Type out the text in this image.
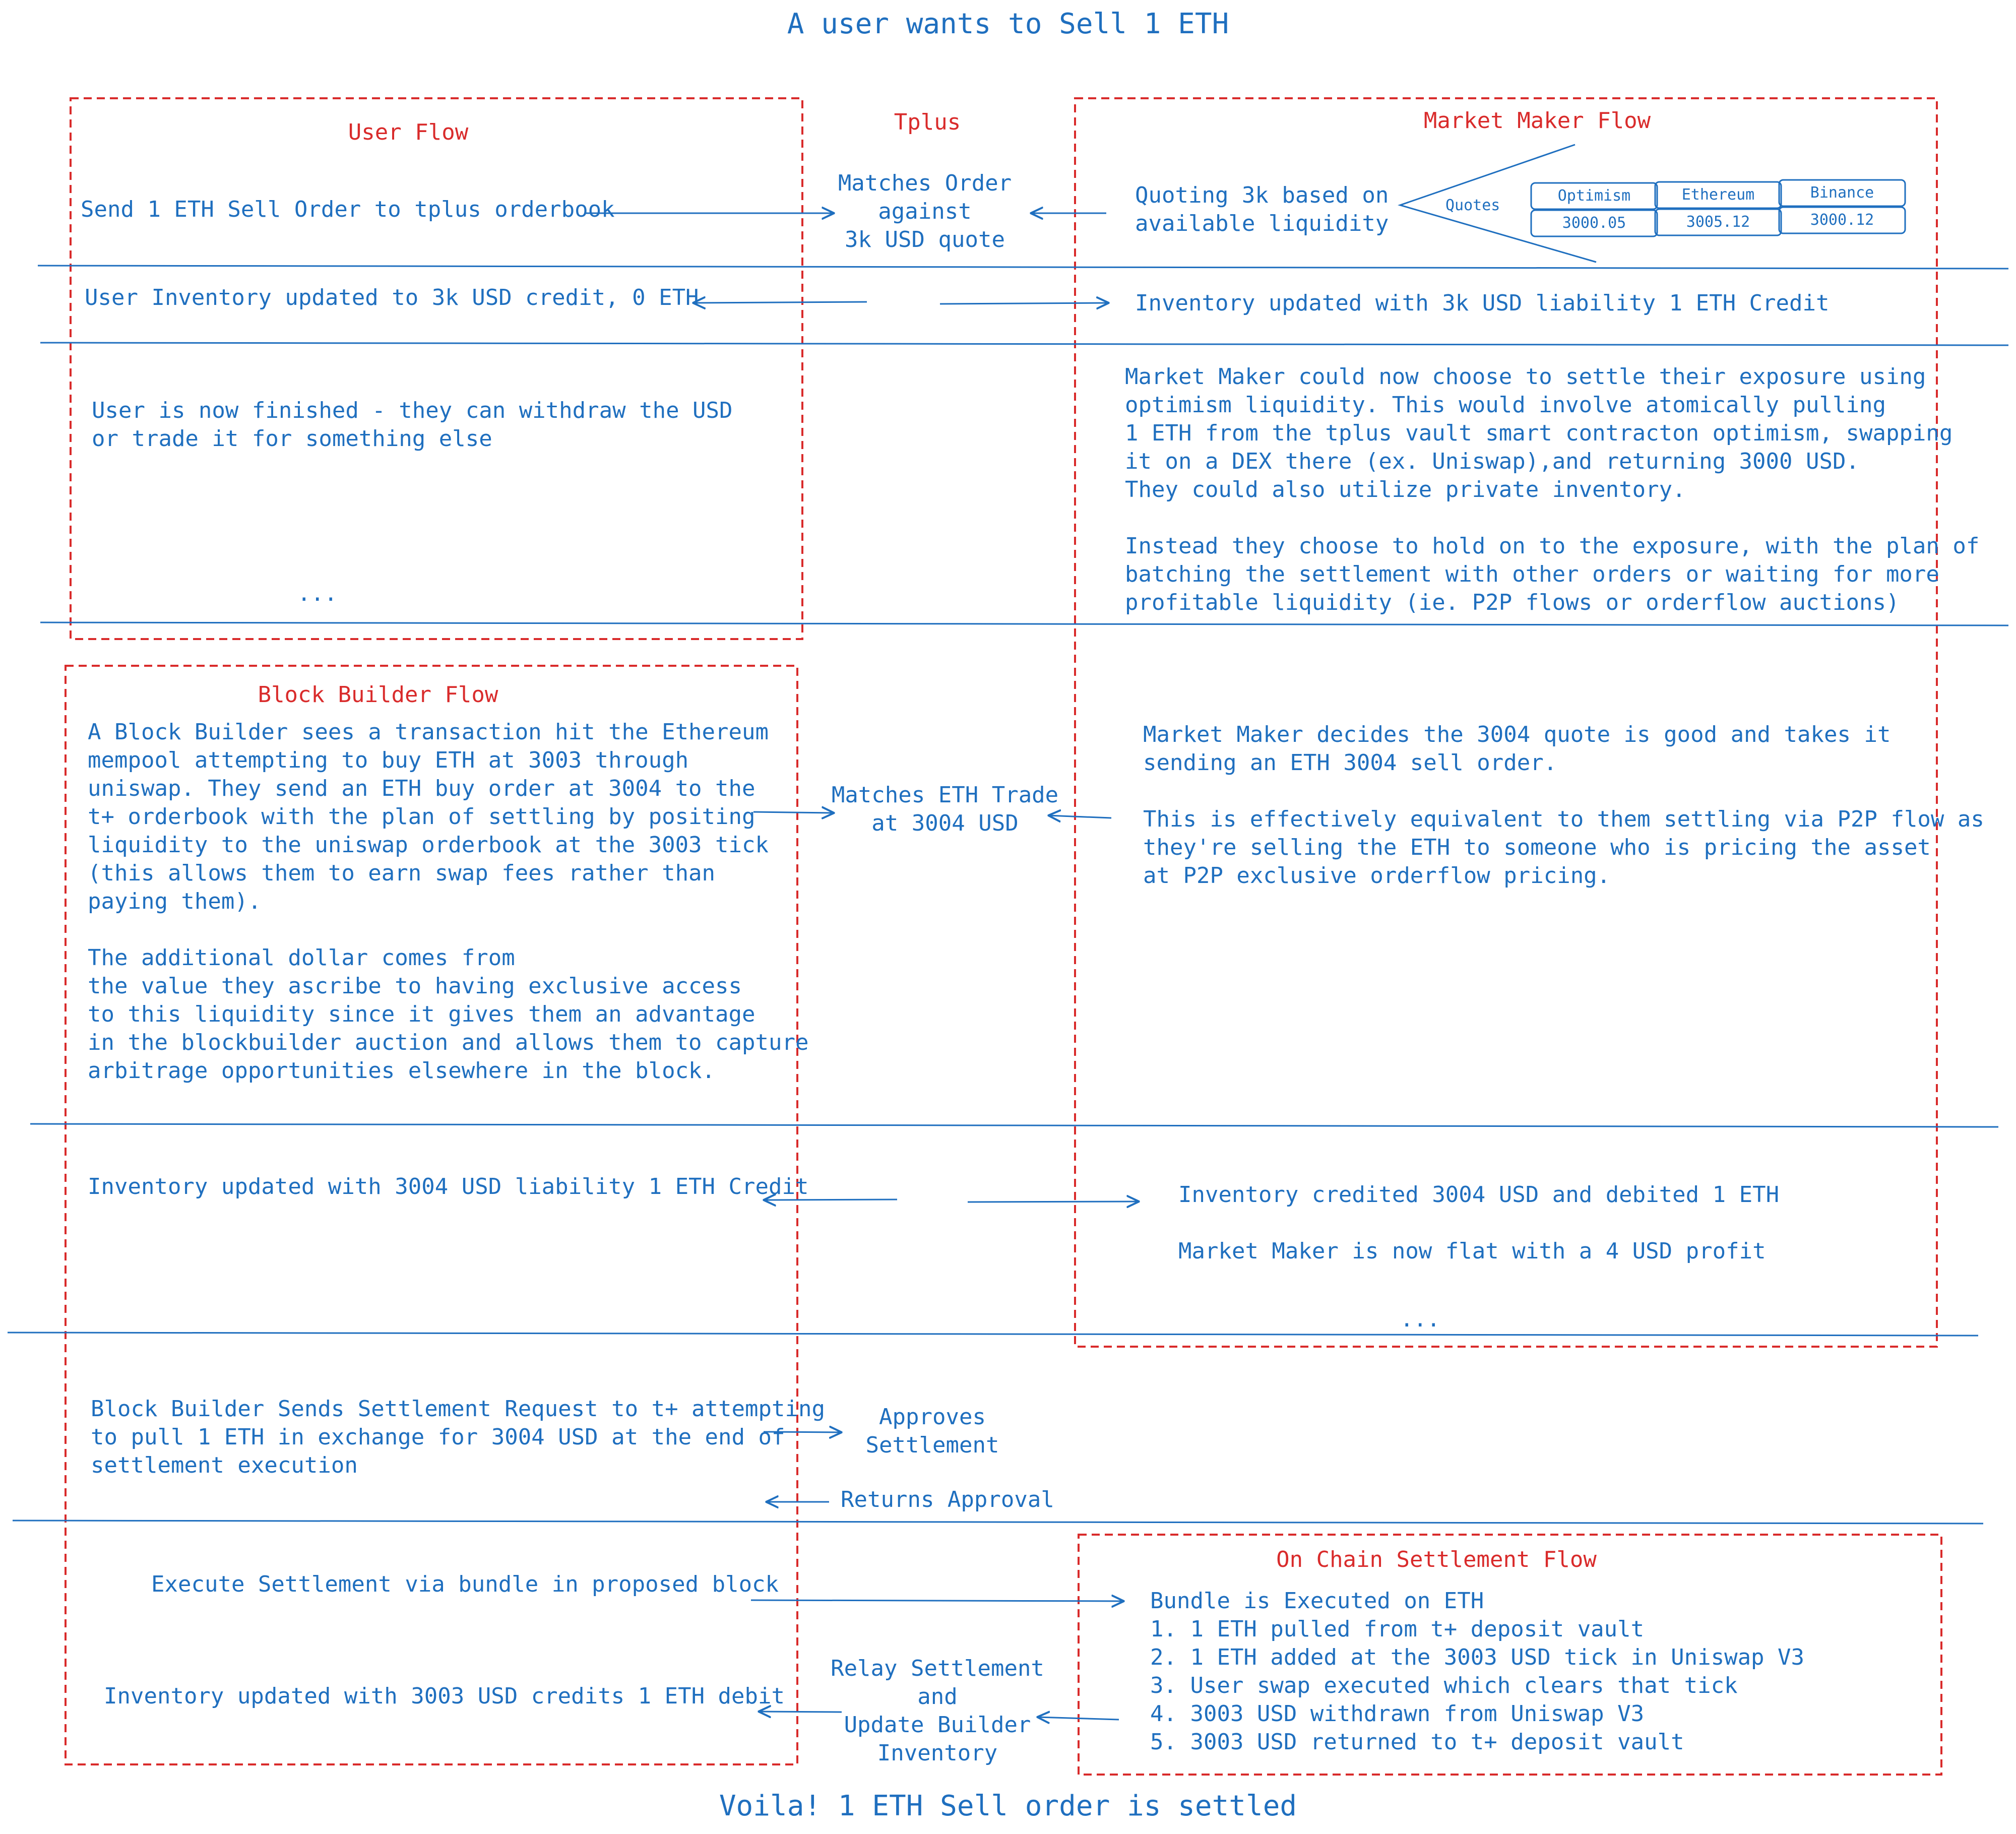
A user wants to Sell 1 ETH
User Flow	Tplus	Market Maker Flow
Block Builder Flow
On Chain Settlement Flow
Send 1 ETH Sell Order to tplus orderbook
Matches Order
against
3k USD quote
Quoting 3k based on
available liquidity
Quotes
Optimism
3000.05
Ethereum
3005.12
Binance
3000.12
User Inventory updated to 3k USD credit, 0 ETH	Inventory updated with 3k USD liability 1 ETH Credit
User is now finished - they can withdraw the USD
or trade it for something else
...
Market Maker could now choose to settle their exposure using
optimism liquidity. This would involve atomically pulling
1 ETH from the tplus vault smart contracton optimism, swapping
it on a DEX there (ex. Uniswap),and returning 3000 USD.
They could also utilize private inventory.

Instead they choose to hold on to the exposure, with the plan of
batching the settlement with other orders or waiting for more
profitable liquidity (ie. P2P flows or orderflow auctions)
A Block Builder sees a transaction hit the Ethereum
mempool attempting to buy ETH at 3003 through
uniswap. They send an ETH buy order at 3004 to the
t+ orderbook with the plan of settling by positing
liquidity to the uniswap orderbook at the 3003 tick
(this allows them to earn swap fees rather than
paying them).

The additional dollar comes from
the value they ascribe to having exclusive access
to this liquidity since it gives them an advantage
in the blockbuilder auction and allows them to capture
arbitrage opportunities elsewhere in the block.
Matches ETH Trade
at 3004 USD
Market Maker decides the 3004 quote is good and takes it
sending an ETH 3004 sell order.

This is effectively equivalent to them settling via P2P flow as
they're selling the ETH to someone who is pricing the asset
at P2P exclusive orderflow pricing.
Inventory updated with 3004 USD liability 1 ETH Credit	Inventory credited 3004 USD and debited 1 ETH

Market Maker is now flat with a 4 USD profit
...
Block Builder Sends Settlement Request to t+ attempting
to pull 1 ETH in exchange for 3004 USD at the end of
settlement execution
Approves
Settlement
Returns Approval
Execute Settlement via bundle in proposed block
Inventory updated with 3003 USD credits 1 ETH debit
Relay Settlement
and
Update Builder
Inventory
Bundle is Executed on ETH
1. 1 ETH pulled from t+ deposit vault
2. 1 ETH added at the 3003 USD tick in Uniswap V3
3. User swap executed which clears that tick
4. 3003 USD withdrawn from Uniswap V3
5. 3003 USD returned to t+ deposit vault
Voila! 1 ETH Sell order is settled
